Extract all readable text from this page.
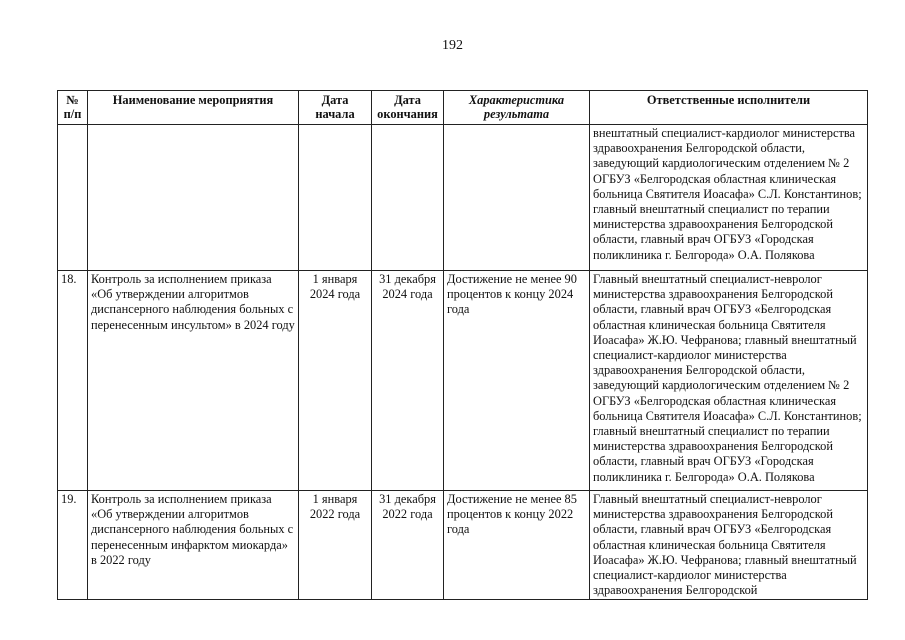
192
№ п/п	Наименование мероприятия	Дата начала	Дата окончания	Характеристика результата	Ответственные исполнители
					внештатный специалист-кардиолог министерства здравоохранения Белгородской области, заведующий кардиологическим отделением № 2 ОГБУЗ «Белгородская областная клиническая больница Святителя Иоасафа» С.Л. Константинов; главный внештатный специалист по терапии министерства здравоохранения Белгородской области, главный врач ОГБУЗ «Городская поликлиника г. Белгорода» О.А. Полякова
18.	Контроль за исполнением приказа «Об утверждении алгоритмов диспансерного наблюдения больных с перенесенным инсультом» в 2024 году	1 января 2024 года	31 декабря 2024 года	Достижение не менее 90 процентов к концу 2024 года	Главный внештатный специалист-невролог министерства здравоохранения Белгородской области, главный врач ОГБУЗ «Белгородская областная клиническая больница Святителя Иоасафа» Ж.Ю. Чефранова; главный внештатный специалист-кардиолог министерства здравоохранения Белгородской области, заведующий кардиологическим отделением № 2 ОГБУЗ «Белгородская областная клиническая больница Святителя Иоасафа» С.Л. Константинов; главный внештатный специалист по терапии министерства здравоохранения Белгородской области, главный врач ОГБУЗ «Городская поликлиника г. Белгорода» О.А. Полякова
19.	Контроль за исполнением приказа «Об утверждении алгоритмов диспансерного наблюдения больных с перенесенным инфарктом миокарда» в 2022 году	1 января 2022 года	31 декабря 2022 года	Достижение не менее 85 процентов к концу 2022 года	Главный внештатный специалист-невролог министерства здравоохранения Белгородской области, главный врач ОГБУЗ «Белгородская областная клиническая больница Святителя Иоасафа» Ж.Ю. Чефранова; главный внештатный специалист-кардиолог министерства здравоохранения Белгородской
